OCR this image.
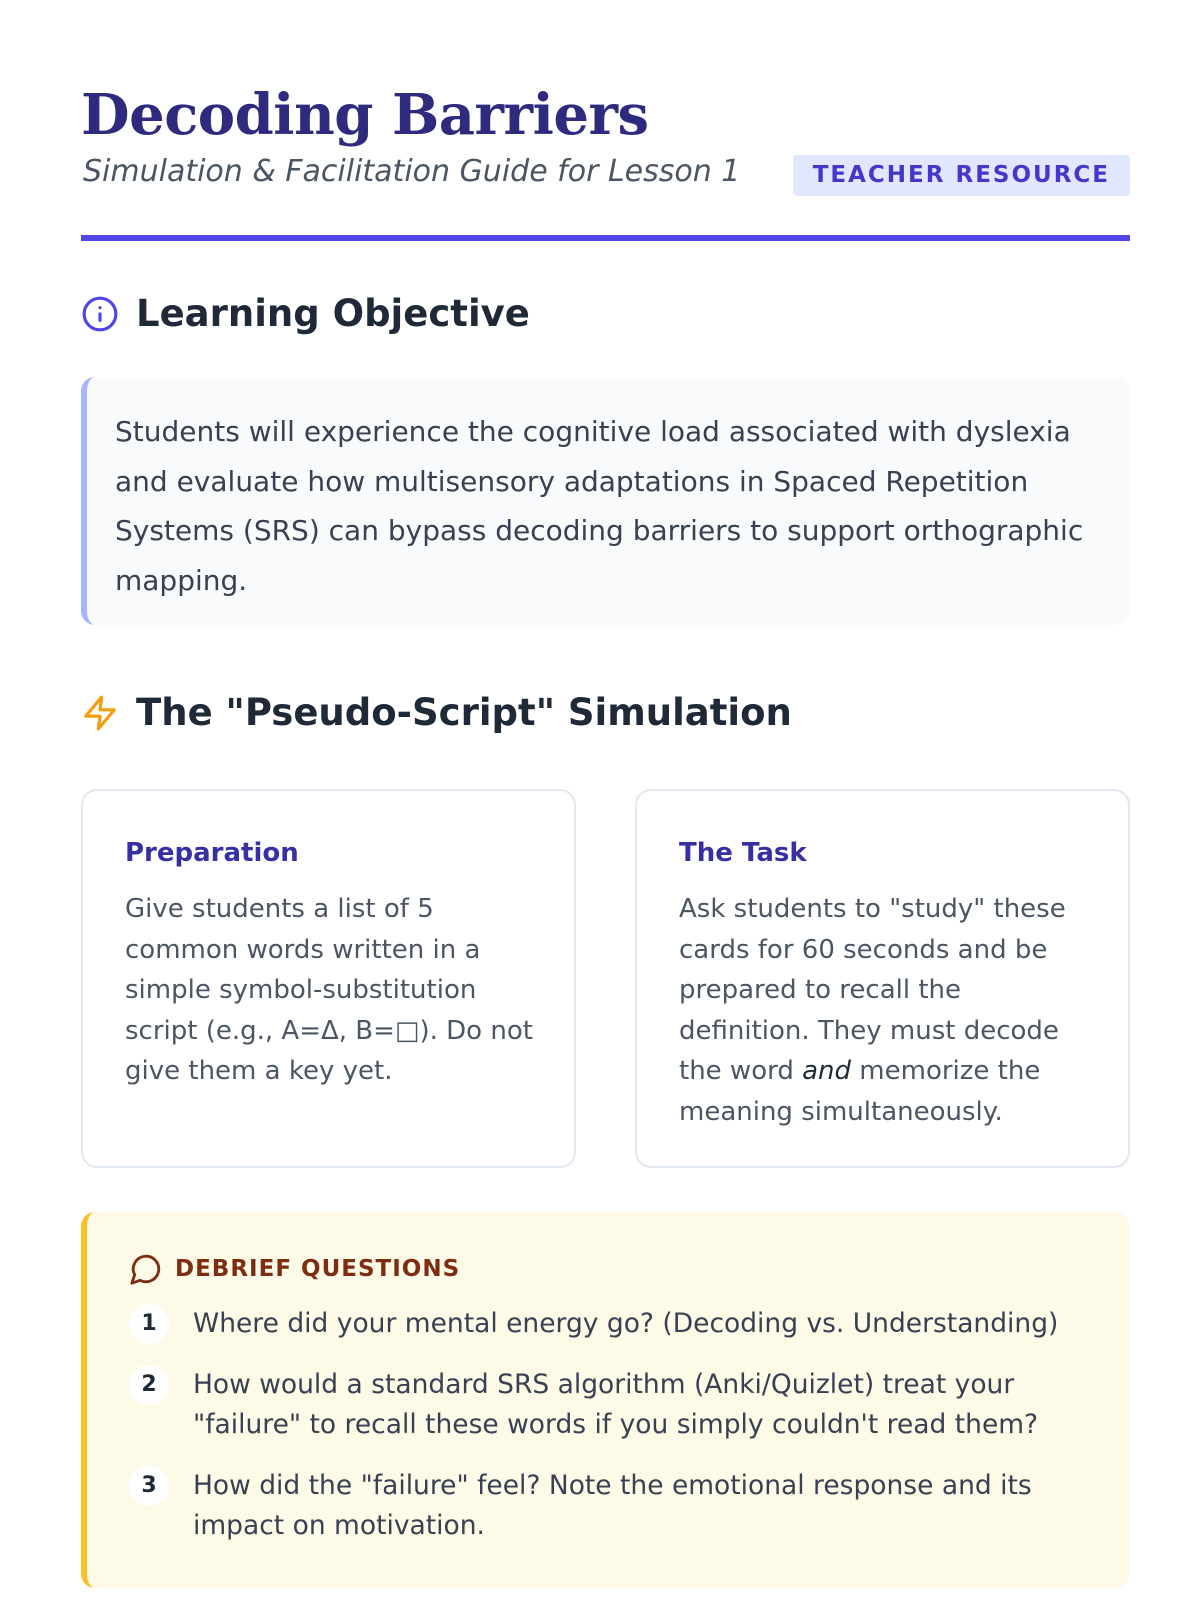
Decoding Barriers
Simulation & Facilitation Guide for Lesson 1	TEACHER RESOURCE
Learning Objective

Students will experience the cognitive load associated with dyslexia and evaluate how multisensory adaptations in Spaced Repetition Systems (SRS) can bypass decoding barriers to support orthographic mapping.

The "Pseudo-Script" Simulation
Preparation

Give students a list of 5 common words written in a simple symbol-substitution script (e.g., A=Δ, B=□). Do not give them a key yet.

The Task

Ask students to "study" these cards for 60 seconds and be prepared to recall the definition. They must decode the word and memorize the meaning simultaneously.

DEBRIEF QUESTIONS
1	Where did your mental energy go? (Decoding vs. Understanding)
2	How would a standard SRS algorithm (Anki/Quizlet) treat your "failure" to recall these words if you simply couldn't read them?
3	How did the "failure" feel? Note the emotional response and its impact on motivation.
